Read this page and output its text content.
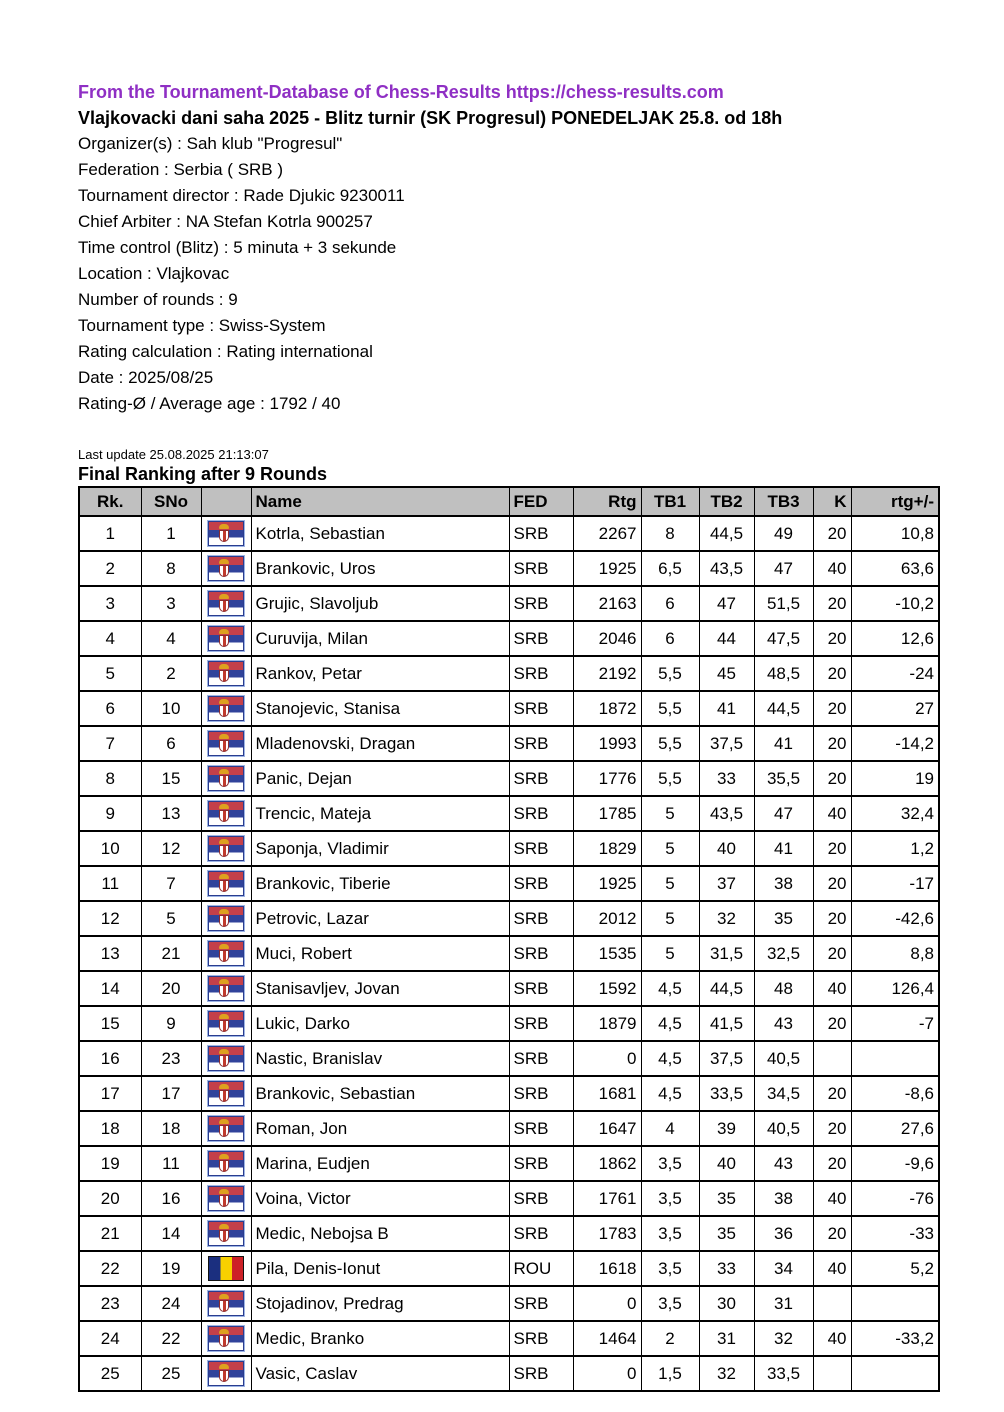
From the Tournament-Database of Chess-Results https://chess-results.com
Vlajkovacki dani saha 2025 - Blitz turnir (SK Progresul) PONEDELJAK 25.8. od 18h
Organizer(s) : Sah klub "Progresul"
Federation : Serbia ( SRB )
Tournament director : Rade Djukic 9230011
Chief Arbiter : NA Stefan Kotrla 900257
Time control (Blitz) : 5 minuta + 3 sekunde
Location : Vlajkovac
Number of rounds : 9
Tournament type : Swiss-System
Rating calculation : Rating international
Date : 2025/08/25
Rating-Ø / Average age : 1792 / 40
Last update 25.08.2025 21:13:07
Final Ranking after 9 Rounds
Rk.	SNo		Name	FED	Rtg	TB1	TB2	TB3	K	rtg+/-
1	1		Kotrla, Sebastian	SRB	2267	8	44,5	49	20	10,8
2	8		Brankovic, Uros	SRB	1925	6,5	43,5	47	40	63,6
3	3		Grujic, Slavoljub	SRB	2163	6	47	51,5	20	-10,2
4	4		Curuvija, Milan	SRB	2046	6	44	47,5	20	12,6
5	2		Rankov, Petar	SRB	2192	5,5	45	48,5	20	-24
6	10		Stanojevic, Stanisa	SRB	1872	5,5	41	44,5	20	27
7	6		Mladenovski, Dragan	SRB	1993	5,5	37,5	41	20	-14,2
8	15		Panic, Dejan	SRB	1776	5,5	33	35,5	20	19
9	13		Trencic, Mateja	SRB	1785	5	43,5	47	40	32,4
10	12		Saponja, Vladimir	SRB	1829	5	40	41	20	1,2
11	7		Brankovic, Tiberie	SRB	1925	5	37	38	20	-17
12	5		Petrovic, Lazar	SRB	2012	5	32	35	20	-42,6
13	21		Muci, Robert	SRB	1535	5	31,5	32,5	20	8,8
14	20		Stanisavljev, Jovan	SRB	1592	4,5	44,5	48	40	126,4
15	9		Lukic, Darko	SRB	1879	4,5	41,5	43	20	-7
16	23		Nastic, Branislav	SRB	0	4,5	37,5	40,5		
17	17		Brankovic, Sebastian	SRB	1681	4,5	33,5	34,5	20	-8,6
18	18		Roman, Jon	SRB	1647	4	39	40,5	20	27,6
19	11		Marina, Eudjen	SRB	1862	3,5	40	43	20	-9,6
20	16		Voina, Victor	SRB	1761	3,5	35	38	40	-76
21	14		Medic, Nebojsa B	SRB	1783	3,5	35	36	20	-33
22	19		Pila, Denis-Ionut	ROU	1618	3,5	33	34	40	5,2
23	24		Stojadinov, Predrag	SRB	0	3,5	30	31		
24	22		Medic, Branko	SRB	1464	2	31	32	40	-33,2
25	25		Vasic, Caslav	SRB	0	1,5	32	33,5		
